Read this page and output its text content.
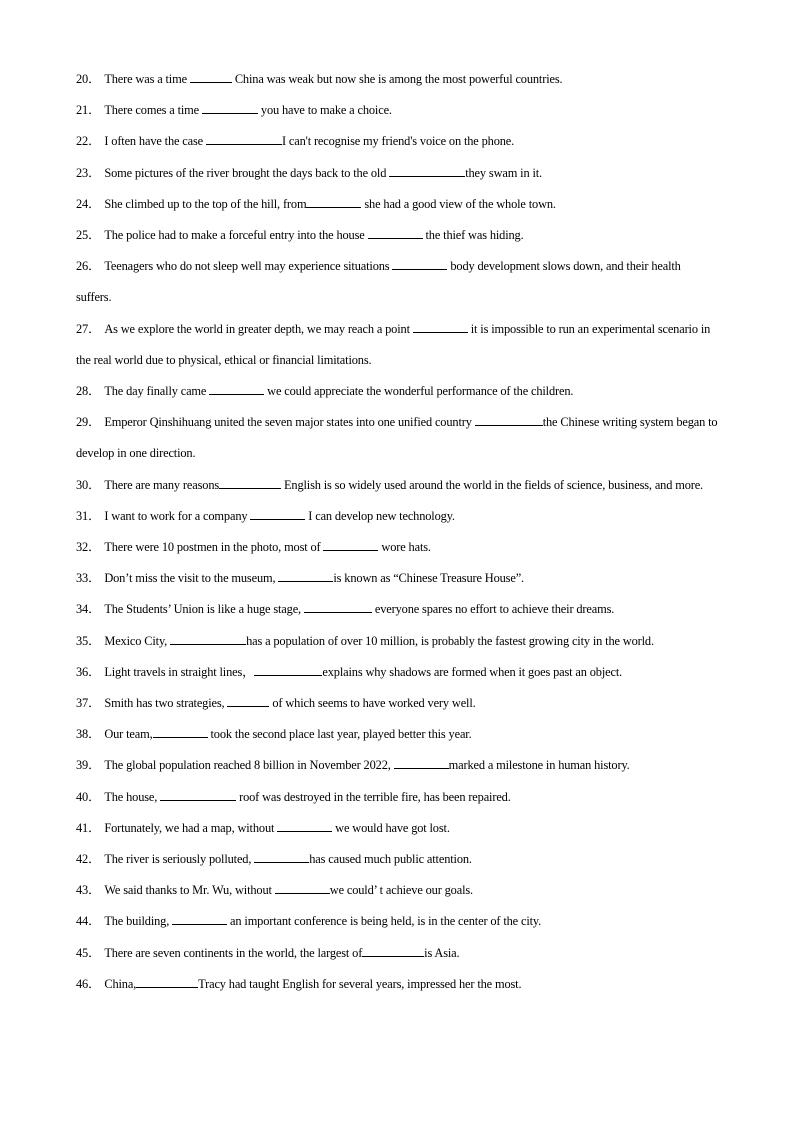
20． There was a time	China was weak but now she is among the most powerful countries.
21． There comes a time	you have to make a choice.
22． I often have the case	I can't recognise my friend's voice on the phone.
23． Some pictures of the river brought the days back to the old	they swam in it.
24． She climbed up to the top of the hill, from	she had a good view of the whole town.
25． The police had to make a forceful entry into the house	the thief was hiding.
26． Teenagers who do not sleep well may experience situations	body development slows down, and their health suffers.
27． As we explore the world in greater depth, we may reach a point	it is impossible to run an experimental scenario in the real world due to physical, ethical or financial limitations.
28． The day finally came	we could appreciate the wonderful performance of the children.
29． Emperor Qinshihuang united the seven major states into one unified country	the Chinese writing system began to develop in one direction.
30． There are many reasons	English is so widely used around the world in the fields of science, business, and more.
31． I want to work for a company	I can develop new technology.
32． There were 10 postmen in the photo, most of	wore hats.
33． Don’t miss the visit to the museum,	is known as “Chinese Treasure House”.
34． The Students’ Union is like a huge stage,	everyone spares no effort to achieve their dreams.
35． Mexico City,	has a population of over 10 million, is probably the fastest growing city in the world.
36． Light travels in straight lines，	explains why shadows are formed when it goes past an object.
37． Smith has two strategies,	of which seems to have worked very well.
38． Our team,	took the second place last year, played better this year.
39． The global population reached 8 billion in November 2022,	marked a milestone in human history.
40． The house,	roof was destroyed in the terrible fire, has been repaired.
41． Fortunately, we had a map, without	we would have got lost.
42． The river is seriously polluted,	has caused much public attention.
43． We said thanks to Mr. Wu, without	we could’ t achieve our goals.
44． The building,	an important conference is being held, is in the center of the city.
45． There are seven continents in the world, the largest of	is Asia.
46． China,	Tracy had taught English for several years, impressed her the most.
